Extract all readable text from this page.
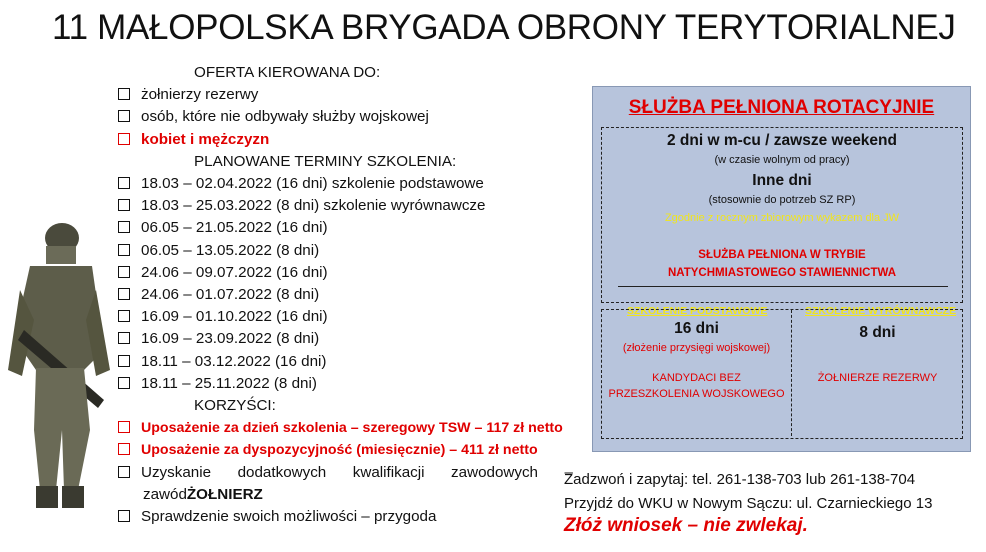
11 MAŁOPOLSKA BRYGADA OBRONY TERYTORIALNEJ
OFERTA KIEROWANA DO:
żołnierzy rezerwy
osób, które nie odbywały służby wojskowej
kobiet i mężczyzn
PLANOWANE TERMINY SZKOLENIA:
18.03 – 02.04.2022 (16 dni) szkolenie podstawowe
18.03 – 25.03.2022 (8 dni) szkolenie wyrównawcze
06.05 – 21.05.2022 (16 dni)
06.05 – 13.05.2022 (8 dni)
24.06 – 09.07.2022 (16 dni)
24.06 – 01.07.2022 (8 dni)
16.09 – 01.10.2022 (16 dni)
16.09 – 23.09.2022 (8 dni)
18.11 – 03.12.2022 (16 dni)
18.11 – 25.11.2022 (8 dni)
KORZYŚCI:
Uposażenie za dzień szkolenia – szeregowy TSW – 117 zł netto
Uposażenie za dyspozycyjność (miesięcznie) – 411 zł netto
Uzyskanie dodatkowych kwalifikacji zawodowych –
zawód ŻOŁNIERZ
Sprawdzenie swoich możliwości – przygoda
SŁUŻBA PEŁNIONA ROTACYJNIE
2 dni w m-cu / zawsze weekend
(w czasie wolnym od pracy)
Inne dni
(stosownie do potrzeb SZ RP)
Zgodnie z rocznym zbiorowym wykazem dla JW
SŁUŻBA PEŁNIONA W TRYBIE
NATYCHMIASTOWEGO STAWIENNICTWA
SZKOLENIE PODSTAWOWE	SZKOLENIE WYRÓWNAWCZE
16 dni
(złożenie przysięgi wojskowej)
KANDYDACI BEZ
PRZESZKOLENIA WOJSKOWEGO
8 dni
ŻOŁNIERZE REZERWY
Zadzwoń i zapytaj: tel. 261-138-703 lub 261-138-704
Przyjdź do WKU w Nowym Sączu: ul. Czarnieckiego 13
Złóż wniosek – nie zwlekaj.
